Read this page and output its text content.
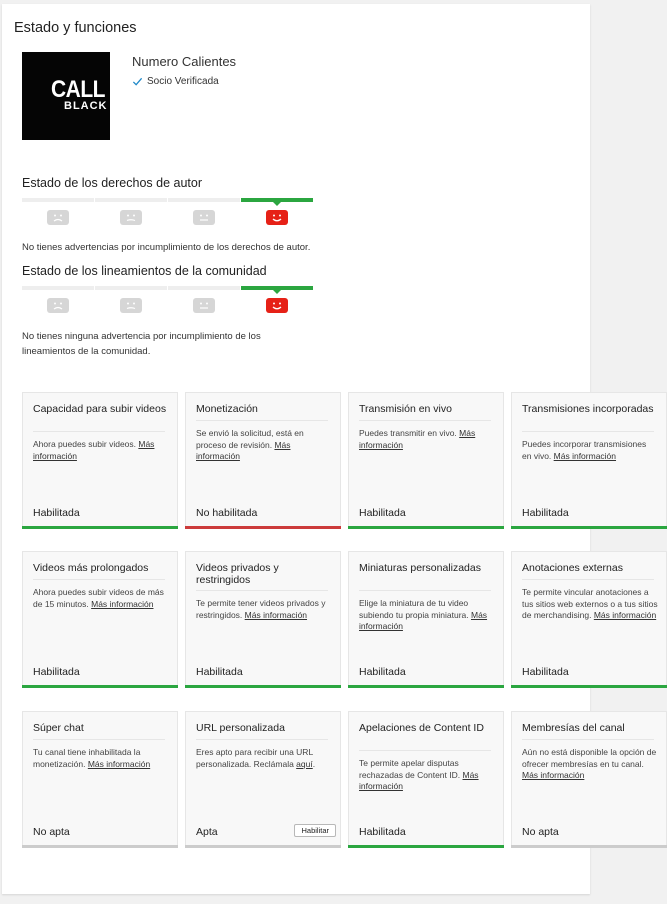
Estado y funciones
CALL of D
BLACK
Numero Calientes
Socio Verificada
Estado de los derechos de autor
No tienes advertencias por incumplimiento de los derechos de autor.
Estado de los lineamientos de la comunidad
No tienes ninguna advertencia por incumplimiento de los
lineamientos de la comunidad.
Capacidad para subir videos
Ahora puedes subir videos. Más información
Habilitada
Monetización
Se envió la solicitud, está en proceso de revisión. Más información
No habilitada
Transmisión en vivo
Puedes transmitir en vivo. Más información
Habilitada
Transmisiones incorporadas
Puedes incorporar transmisiones en vivo. Más información
Habilitada
Videos más prolongados
Ahora puedes subir videos de más de 15 minutos. Más información
Habilitada
Videos privados y restringidos
Te permite tener videos privados y restringidos. Más información
Habilitada
Miniaturas personalizadas
Elige la miniatura de tu video subiendo tu propia miniatura. Más información
Habilitada
Anotaciones externas
Te permite vincular anotaciones a tus sitios web externos o a tus sitios de merchandising. Más información
Habilitada
Súper chat
Tu canal tiene inhabilitada la monetización. Más información
No apta
URL personalizada
Eres apto para recibir una URL personalizada. Reclámala aquí.
Apta	Habilitar
Apelaciones de Content ID
Te permite apelar disputas rechazadas de Content ID. Más información
Habilitada
Membresías del canal
Aún no está disponible la opción de ofrecer membresías en tu canal. Más información
No apta
